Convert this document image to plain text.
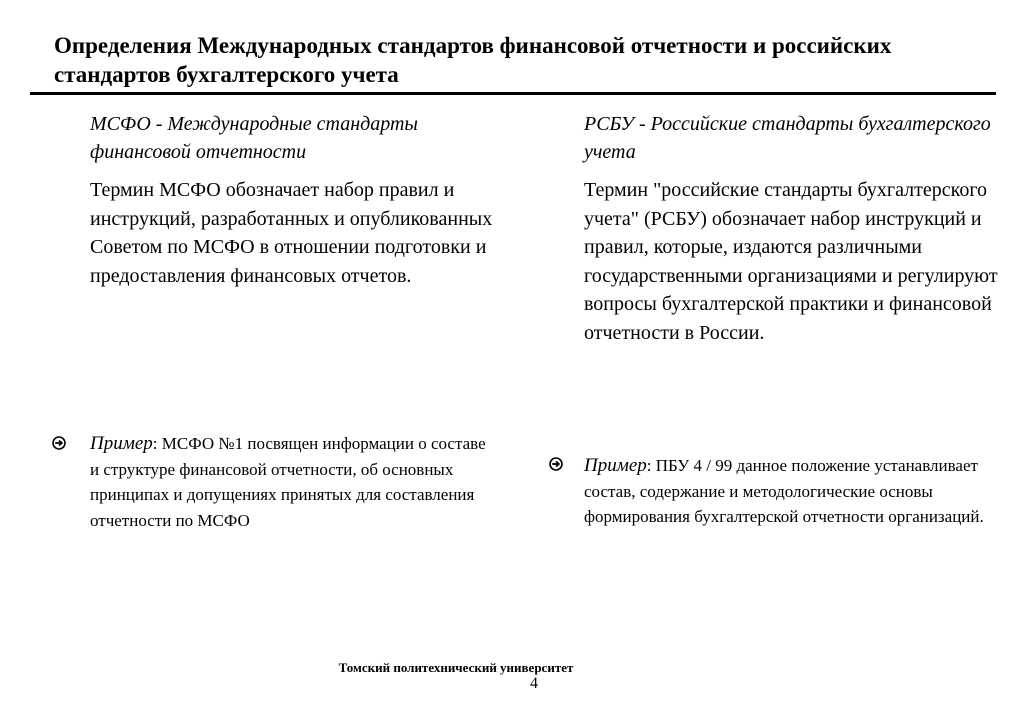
Определения Международных стандартов финансовой отчетности и российских стандартов бухгалтерского учета

МСФО - Международные стандарты финансовой отчетности

Термин МСФО обозначает набор правил и инструкций, разработанных и опубликованных Советом по МСФО в отношении подготовки и предоставления финансовых отчетов.

РСБУ - Российские стандарты бухгалтерского учета

Термин "российские стандарты бухгалтерского учета" (РСБУ) обозначает набор инструкций и правил, которые, издаются различными государственными организациями и регулируют вопросы бухгалтерской практики и финансовой отчетности в России.

Пример: МСФО №1 посвящен информации о составе и структуре финансовой отчетности, об основных принципах и допущениях принятых для составления отчетности по МСФО
Пример: ПБУ 4 / 99 данное положение устанавливает состав, содержание и методологические основы формирования бухгалтерской отчетности организаций.
Томский политехнический университет
4
